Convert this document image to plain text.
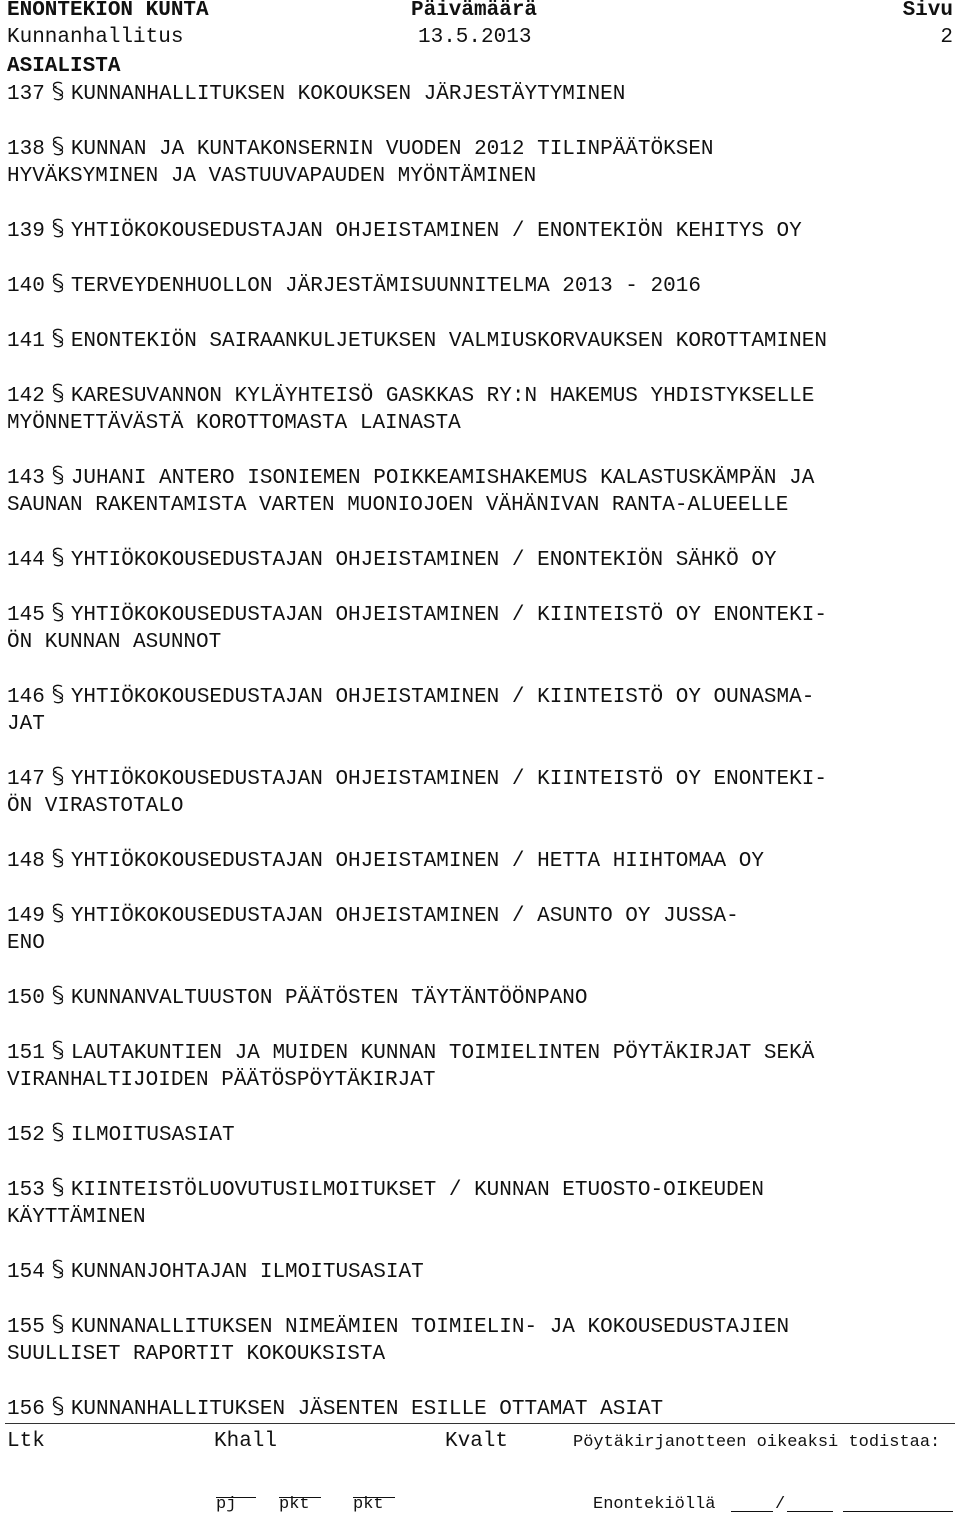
ENONTEKIÖN KUNTA	Päivämäärä	Sivu
Kunnanhallitus	13.5.2013	2
ASIALISTA
137 KUNNANHALLITUKSEN KOKOUKSEN JÄRJESTÄYTYMINEN
138 KUNNAN JA KUNTAKONSERNIN VUODEN 2012 TILINPÄÄTÖKSEN
HYVÄKSYMINEN JA VASTUUVAPAUDEN MYÖNTÄMINEN
139 YHTIÖKOKOUSEDUSTAJAN OHJEISTAMINEN / ENONTEKIÖN KEHITYS OY
140 TERVEYDENHUOLLON JÄRJESTÄMISUUNNITELMA 2013 - 2016
141 ENONTEKIÖN SAIRAANKULJETUKSEN VALMIUSKORVAUKSEN KOROTTAMINEN
142 KARESUVANNON KYLÄYHTEISÖ GASKKAS RY:N HAKEMUS YHDISTYKSELLE
MYÖNNETTÄVÄSTÄ KOROTTOMASTA LAINASTA
143 JUHANI ANTERO ISONIEMEN POIKKEAMISHAKEMUS KALASTUSKÄMPÄN JA
SAUNAN RAKENTAMISTA VARTEN MUONIOJOEN VÄHÄNIVAN RANTA-ALUEELLE
144 YHTIÖKOKOUSEDUSTAJAN OHJEISTAMINEN / ENONTEKIÖN SÄHKÖ OY
145 YHTIÖKOKOUSEDUSTAJAN OHJEISTAMINEN / KIINTEISTÖ OY ENONTEKI-
ÖN KUNNAN ASUNNOT
146 YHTIÖKOKOUSEDUSTAJAN OHJEISTAMINEN / KIINTEISTÖ OY OUNASMA-
JAT
147 YHTIÖKOKOUSEDUSTAJAN OHJEISTAMINEN / KIINTEISTÖ OY ENONTEKI-
ÖN VIRASTOTALO
148 YHTIÖKOKOUSEDUSTAJAN OHJEISTAMINEN / HETTA HIIHTOMAA OY
149 YHTIÖKOKOUSEDUSTAJAN OHJEISTAMINEN / ASUNTO OY JUSSA-
ENO
150 KUNNANVALTUUSTON PÄÄTÖSTEN TÄYTÄNTÖÖNPANO
151 LAUTAKUNTIEN JA MUIDEN KUNNAN TOIMIELINTEN PÖYTÄKIRJAT SEKÄ
VIRANHALTIJOIDEN PÄÄTÖSPÖYTÄKIRJAT
152 ILMOITUSASIAT
153 KIINTEISTÖLUOVUTUSILMOITUKSET / KUNNAN ETUOSTO-OIKEUDEN
KÄYTTÄMINEN
154 KUNNANJOHTAJAN ILMOITUSASIAT
155 KUNNANALLITUKSEN NIMEÄMIEN TOIMIELIN- JA KOKOUSEDUSTAJIEN
SUULLISET RAPORTIT KOKOUKSISTA
156 KUNNANHALLITUKSEN JÄSENTEN ESILLE OTTAMAT ASIAT
Ltk	Khall	Kvalt	Pöytäkirjanotteen oikeaksi todistaa:
pj	pkt	pkt	Enontekiöllä	/
